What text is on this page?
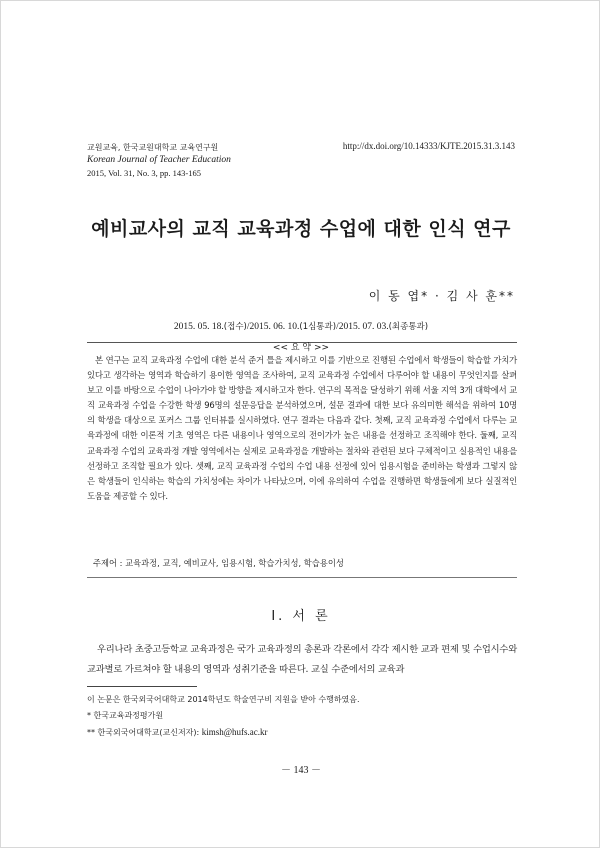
교원교육, 한국교원대학교 교육연구원
Korean Journal of Teacher Education
2015, Vol. 31, No. 3, pp. 143-165
http://dx.doi.org/10.14333/KJTE.2015.31.3.143
예비교사의 교직 교육과정 수업에 대한 인식 연구
이 동 엽* · 김 사 훈**
2015. 05. 18.(접수)/2015. 06. 10.(1심통과)/2015. 07. 03.(최종통과)
<< 요 약 >>
본 연구는 교직 교육과정 수업에 대한 분석 준거 틀을 제시하고 이를 기반으로 진행된 수업에서 학생들이 학습할 가치가 있다고 생각하는 영역과 학습하기 용이한 영역을 조사하여, 교직 교육과정 수업에서 다루어야 할 내용이 무엇인지를 살펴보고 이를 바탕으로 수업이 나아가야 할 방향을 제시하고자 한다. 연구의 목적을 달성하기 위해 서울 지역 3개 대학에서 교직 교육과정 수업을 수강한 학생 96명의 설문응답을 분석하였으며, 설문 결과에 대한 보다 유의미한 해석을 위하여 10명의 학생을 대상으로 포커스 그룹 인터뷰를 실시하였다. 연구 결과는 다음과 같다. 첫째, 교직 교육과정 수업에서 다루는 교육과정에 대한 이론적 기초 영역은 다른 내용이나 영역으로의 전이가가 높은 내용을 선정하고 조직해야 한다. 둘째, 교직 교육과정 수업의 교육과정 개발 영역에서는 실제로 교육과정을 개발하는 절차와 관련된 보다 구체적이고 실용적인 내용을 선정하고 조직할 필요가 있다. 셋째, 교직 교육과정 수업의 수업 내용 선정에 있어 임용시험을 준비하는 학생과 그렇지 않은 학생들이 인식하는 학습의 가치성에는 차이가 나타났으며, 이에 유의하여 수업을 진행하면 학생들에게 보다 실질적인 도움을 제공할 수 있다.
주제어 : 교육과정, 교직, 예비교사, 임용시험, 학습가치성, 학습용이성
I. 서 론
우리나라 초중고등학교 교육과정은 국가 교육과정의 총론과 각론에서 각각 제시한 교과 편제 및 수업시수와 교과별로 가르쳐야 할 내용의 영역과 성취기준을 따른다. 교실 수준에서의 교육과
이 논문은 한국외국어대학교 2014학년도 학술연구비 지원을 받아 수행하였음.
* 한국교육과정평가원
** 한국외국어대학교(교신저자): kimsh@hufs.ac.kr
－ 143 －
